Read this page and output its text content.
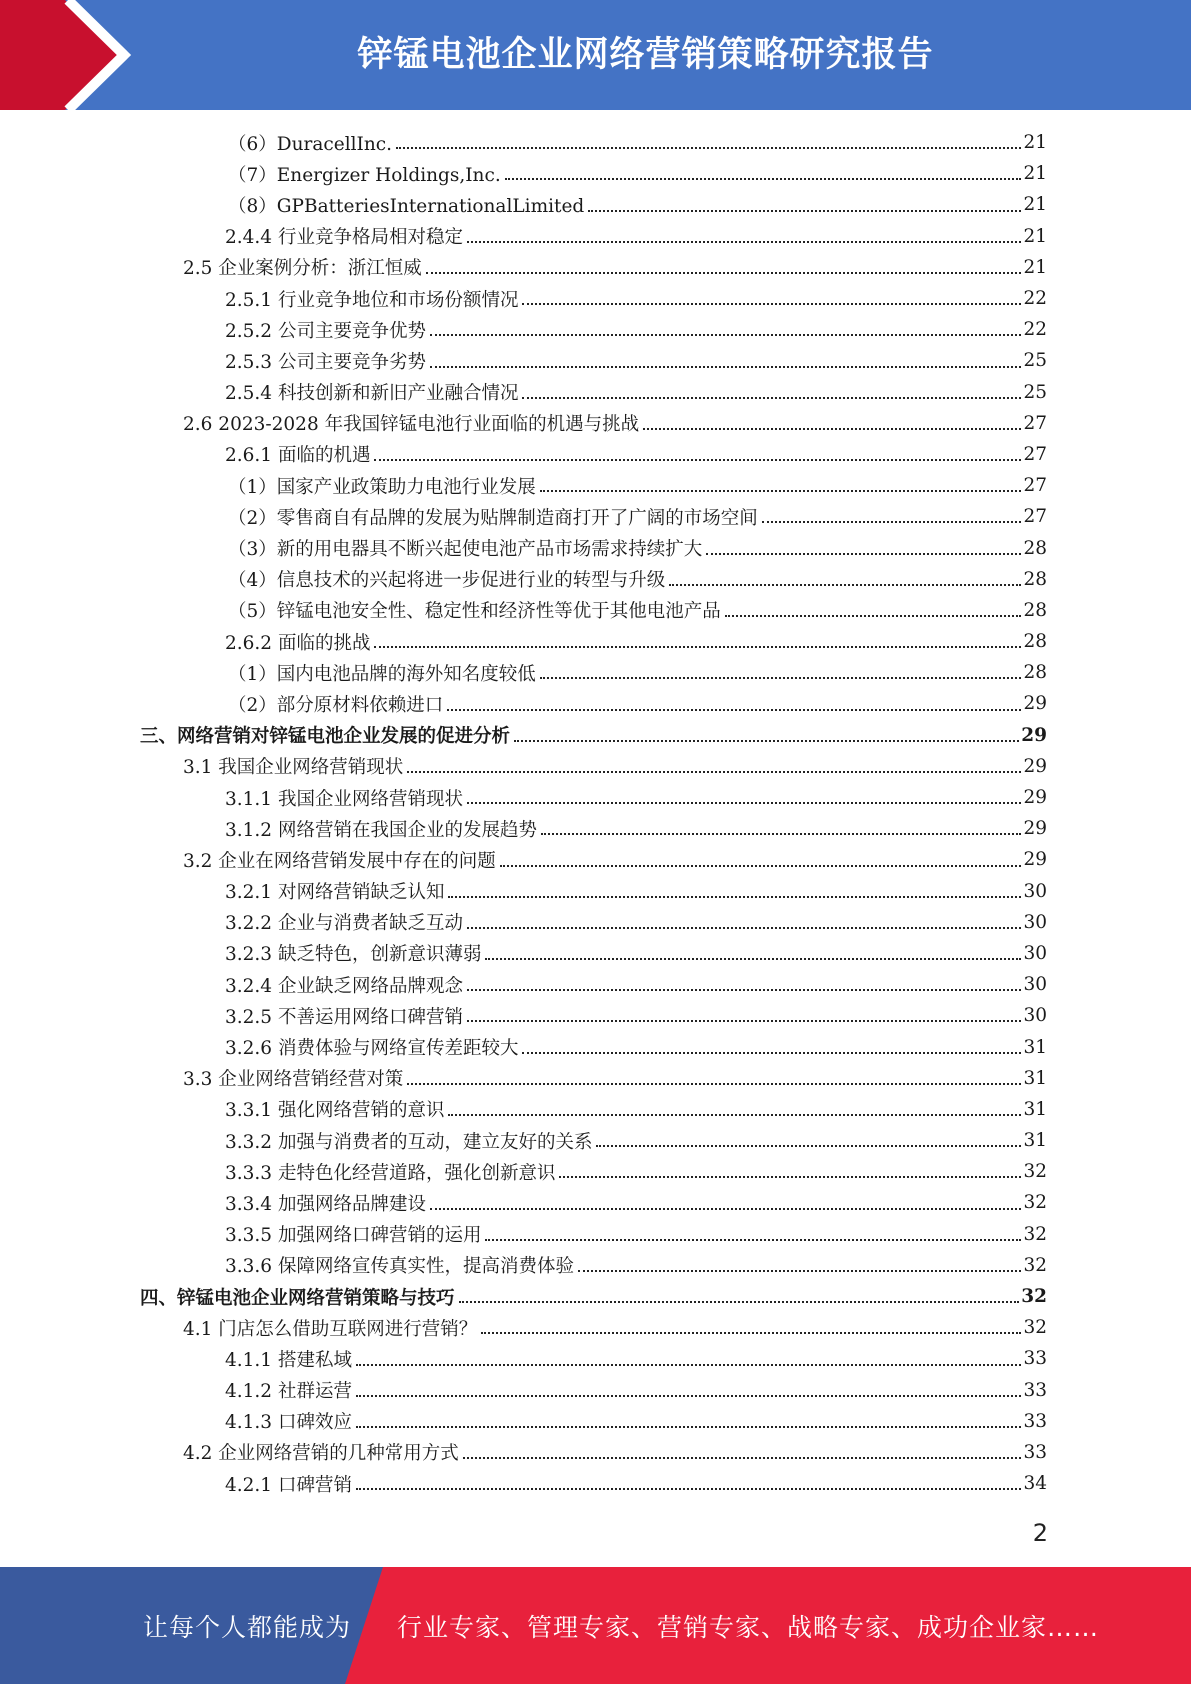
锌锰电池企业网络营销策略研究报告
（6）DuracellInc.	21
（7）Energizer Holdings,Inc.	21
（8）GPBatteriesInternationalLimited	21
2.4.4 行业竞争格局相对稳定	21
2.5 企业案例分析：浙江恒威	21
2.5.1 行业竞争地位和市场份额情况	22
2.5.2 公司主要竞争优势	22
2.5.3 公司主要竞争劣势	25
2.5.4 科技创新和新旧产业融合情况	25
2.6 2023-2028 年我国锌锰电池行业面临的机遇与挑战	27
2.6.1 面临的机遇	27
（1）国家产业政策助力电池行业发展	27
（2）零售商自有品牌的发展为贴牌制造商打开了广阔的市场空间	27
（3）新的用电器具不断兴起使电池产品市场需求持续扩大	28
（4）信息技术的兴起将进一步促进行业的转型与升级	28
（5）锌锰电池安全性、稳定性和经济性等优于其他电池产品	28
2.6.2 面临的挑战	28
（1）国内电池品牌的海外知名度较低	28
（2）部分原材料依赖进口	29
三、网络营销对锌锰电池企业发展的促进分析	29
3.1 我国企业网络营销现状	29
3.1.1 我国企业网络营销现状	29
3.1.2 网络营销在我国企业的发展趋势	29
3.2 企业在网络营销发展中存在的问题	29
3.2.1 对网络营销缺乏认知	30
3.2.2 企业与消费者缺乏互动	30
3.2.3 缺乏特色，创新意识薄弱	30
3.2.4 企业缺乏网络品牌观念	30
3.2.5 不善运用网络口碑营销	30
3.2.6 消费体验与网络宣传差距较大	31
3.3 企业网络营销经营对策	31
3.3.1 强化网络营销的意识	31
3.3.2 加强与消费者的互动，建立友好的关系	31
3.3.3 走特色化经营道路，强化创新意识	32
3.3.4 加强网络品牌建设	32
3.3.5 加强网络口碑营销的运用	32
3.3.6 保障网络宣传真实性，提高消费体验	32
四、锌锰电池企业网络营销策略与技巧	32
4.1 门店怎么借助互联网进行营销？	32
4.1.1 搭建私域	33
4.1.2 社群运营	33
4.1.3 口碑效应	33
4.2 企业网络营销的几种常用方式	33
4.2.1 口碑营销	34
2
让每个人都能成为 行业专家、管理专家、营销专家、战略专家、成功企业家……
